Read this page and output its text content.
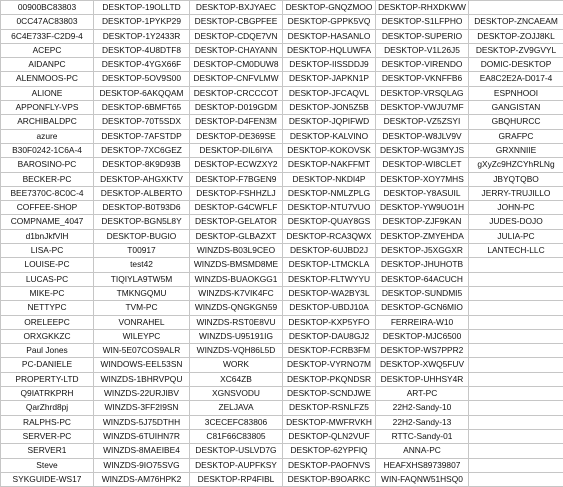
00900BC83803	DESKTOP-19OLLTD	DESKTOP-BXJYAEC	DESKTOP-GNQZMOO	DESKTOP-RHXDKWW	
0CC47AC83803	DESKTOP-1PYKP29	DESKTOP-CBGPFEE	DESKTOP-GPPK5VQ	DESKTOP-S1LFPHO	DESKTOP-ZNCAEAM
6C4E733F-C2D9-4	DESKTOP-1Y2433R	DESKTOP-CDQE7VN	DESKTOP-HASANLO	DESKTOP-SUPERIO	DESKTOP-ZOJJ8KL
ACEPC	DESKTOP-4U8DTF8	DESKTOP-CHAYANN	DESKTOP-HQLUWFA	DESKTOP-V1L26J5	DESKTOP-ZV9GVYL
AIDANPC	DESKTOP-4YGX66F	DESKTOP-CM0DUW8	DESKTOP-IISSDDJ9	DESKTOP-VIRENDO	DOMIC-DESKTOP
ALENMOOS-PC	DESKTOP-5OV9S00	DESKTOP-CNFVLMW	DESKTOP-JAPKN1P	DESKTOP-VKNFFB6	EA8C2E2A-D017-4
ALIONE	DESKTOP-6AKQQAM	DESKTOP-CRCCCOT	DESKTOP-JFCAQVL	DESKTOP-VRSQLAG	ESPNHOOI
APPONFLY-VPS	DESKTOP-6BMFT65	DESKTOP-D019GDM	DESKTOP-JON5Z5B	DESKTOP-VWJU7MF	GANGISTAN
ARCHIBALDPC	DESKTOP-70T5SDX	DESKTOP-D4FEN3M	DESKTOP-JQPIFWD	DESKTOP-VZ5ZSYI	GBQHURCC
azure	DESKTOP-7AFSTDP	DESKTOP-DE369SE	DESKTOP-KALVINO	DESKTOP-W8JLV9V	GRAFPC
B30F0242-1C6A-4	DESKTOP-7XC6GEZ	DESKTOP-DIL6IYA	DESKTOP-KOKOVSK	DESKTOP-WG3MYJS	GRXNNIIE
BAROSINO-PC	DESKTOP-8K9D93B	DESKTOP-ECWZXY2	DESKTOP-NAKFFMT	DESKTOP-WI8CLET	gXyZc9HZCYhRLNg
BECKER-PC	DESKTOP-AHGXKTV	DESKTOP-F7BGEN9	DESKTOP-NKDI4P	DESKTOP-XOY7MHS	JBYQTQBO
BEE7370C-8C0C-4	DESKTOP-ALBERTO	DESKTOP-FSHHZLJ	DESKTOP-NMLZPLG	DESKTOP-Y8ASUIL	JERRY-TRUJILLO
COFFEE-SHOP	DESKTOP-B0T93D6	DESKTOP-G4CWFLF	DESKTOP-NTU7VUO	DESKTOP-YW9UO1H	JOHN-PC
COMPNAME_4047	DESKTOP-BGN5L8Y	DESKTOP-GELATOR	DESKTOP-QUAY8GS	DESKTOP-ZJF9KAN	JUDES-DOJO
d1bnJkfVlH	DESKTOP-BUGIO	DESKTOP-GLBAZXT	DESKTOP-RCA3QWX	DESKTOP-ZMYEHDA	JULIA-PC
LISA-PC	T00917	WINZDS-B03L9CEO	DESKTOP-6UJBD2J	DESKTOP-J5XGGXR	LANTECH-LLC
LOUISE-PC	test42	WINZDS-BMSMD8ME	DESKTOP-LTMCKLA	DESKTOP-JHUHOTB	
LUCAS-PC	TIQIYLA9TW5M	WINZDS-BUAOKGG1	DESKTOP-FLTWYYU	DESKTOP-64ACUCH	
MIKE-PC	TMKNGQMU	WINZDS-K7VIK4FC	DESKTOP-WA2BY3L	DESKTOP-SUNDMI5	
NETTYPC	TVM-PC	WINZDS-QNGKGN59	DESKTOP-UBDJ10A	DESKTOP-GCN6MIO	
ORELEEPC	VONRAHEL	WINZDS-RST0E8VU	DESKTOP-KXP5YFO	FERREIRA-W10	
ORXGKKZC	WILEYPC	WINZDS-U95191IG	DESKTOP-DAU8GJ2	DESKTOP-MJC6500	
Paul Jones	WIN-5E07COS9ALR	WINZDS-VQH86L5D	DESKTOP-FCRB3FM	DESKTOP-WS7PPR2	
PC-DANIELE	WINDOWS-EEL53SN	WORK	DESKTOP-VYRNO7M	DESKTOP-XWQ5FUV	
PROPERTY-LTD	WINZDS-1BHRVPQU	XC64ZB	DESKTOP-PKQNDSR	DESKTOP-UHHSY4R	
Q9IATRKPRH	WINZDS-22URJIBV	XGNSVODU	DESKTOP-SCNDJWE	ART-PC	
QarZhrd8pj	WINZDS-3FF2I9SN	ZELJAVA	DESKTOP-RSNLFZ5	22H2-Sandy-10	
RALPHS-PC	WINZDS-5J75DTHH	3CECEFC83806	DESKTOP-MWFRVKH	22H2-Sandy-13	
SERVER-PC	WINZDS-6TUIHN7R	C81F66C83805	DESKTOP-QLN2VUF	RTTC-Sandy-01	
SERVER1	WINZDS-8MAEIBE4	DESKTOP-USLVD7G	DESKTOP-62YPFIQ	ANNA-PC	
Steve	WINZDS-9IO75SVG	DESKTOP-AUPFKSY	DESKTOP-PAOFNVS	HEAFXHS89739807	
SYKGUIDE-WS17	WINZDS-AM76HPK2	DESKTOP-RP4FIBL	DESKTOP-B9OARKC	WIN-FAQNW51HSQ0	
